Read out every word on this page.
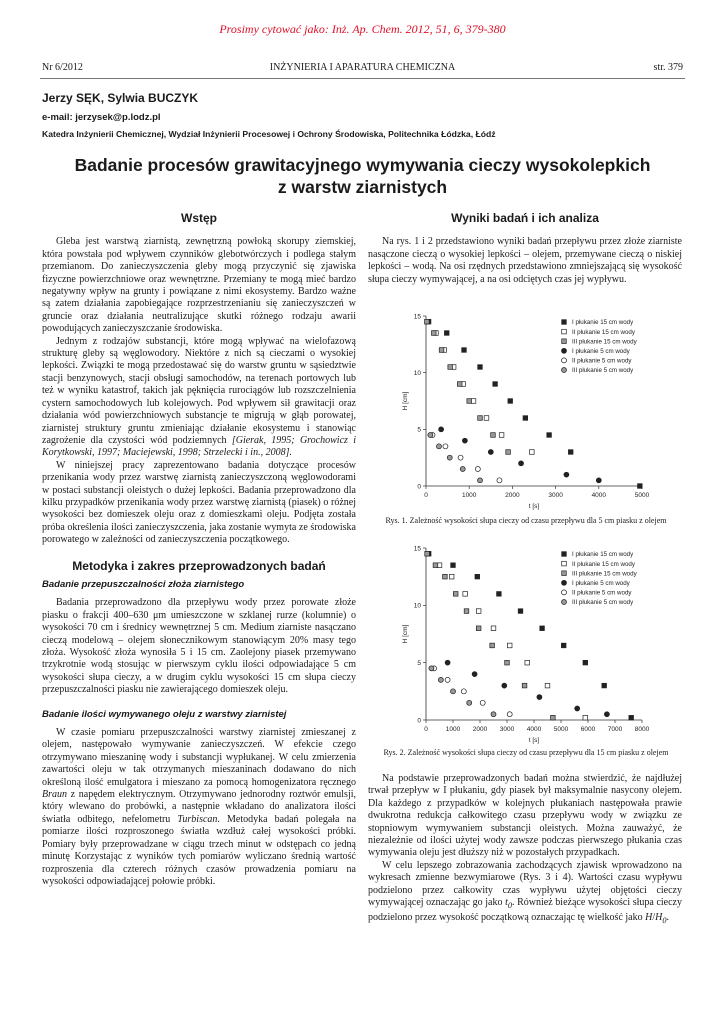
Prosimy cytować jako: Inż. Ap. Chem. 2012, 51, 6, 379-380
Nr 6/2012	INŻYNIERIA I APARATURA CHEMICZNA	str. 379
Jerzy SĘK, Sylwia BUCZYK
e-mail: jerzysek@p.lodz.pl
Katedra Inżynierii Chemicznej, Wydział Inżynierii Procesowej i Ochrony Środowiska, Politechnika Łódzka, Łódź
Badanie procesów grawitacyjnego wymywania cieczy wysokolepkich
z warstw ziarnistych
Wstęp

Gleba jest warstwą ziarnistą, zewnętrzną powłoką skorupy ziemskiej, która powstała pod wpływem czynników glebotwórczych i podlega stałym przemianom. Do zanieczyszczenia gleby mogą przyczynić się zjawiska fizyczne powierzchniowe oraz wewnętrzne. Przemiany te mogą mieć bardzo negatywny wpływ na grunty i powiązane z nimi ekosystemy. Bardzo ważne są zatem działania zapobiegające rozprzestrzenianiu się zanieczyszczeń w gruncie oraz działania neutralizujące skutki różnego rodzaju awarii powodujących zanieczyszczanie środowiska.

Jednym z rodzajów substancji, które mogą wpływać na wielofazową strukturę gleby są węglowodory. Niektóre z nich są cieczami o wysokiej lepkości. Związki te mogą przedostawać się do warstw gruntu w sąsiedztwie stacji benzynowych, stacji obsługi samochodów, na terenach portowych lub też w wyniku katastrof, takich jak pęknięcia rurociągów lub rozszczelnienia cystern samochodowych lub kolejowych. Pod wpływem sił grawitacji oraz działania wód powierzchniowych substancje te migrują w głąb porowatej, ziarnistej struktury gruntu zmieniając działanie ekosystemu i stanowiąc zagrożenie dla czystości wód podziemnych [Gierak, 1995; Grochowicz i Korytkowski, 1997; Maciejewski, 1998; Strzelecki i in., 2008].

W niniejszej pracy zaprezentowano badania dotyczące procesów przenikania wody przez warstwę ziarnistą zanieczyszczoną węglowodorami w postaci substancji oleistych o dużej lepkości. Badania przeprowadzono dla kilku przypadków przenikania wody przez warstwę ziarnistą (piasek) o różnej wysokości bez domieszek oleju oraz z domieszkami oleju. Podjęta została próba określenia ilości zanieczyszczenia, jaka zostanie wymyta ze środowiska porowatego w zależności od zanieczyszczenia początkowego.

Metodyka i zakres przeprowadzonych badań
Badanie przepuszczalności złoża ziarnistego

Badania przeprowadzono dla przepływu wody przez porowate złoże piasku o frakcji 400–630 μm umieszczone w szklanej rurze (kolumnie) o wysokości 70 cm i średnicy wewnętrznej 5 cm. Medium ziarniste nasączano cieczą modelową – olejem słonecznikowym stanowiącym 20% masy tego złoża. Wysokość złoża wynosiła 5 i 15 cm. Zaolejony piasek przemywano trzykrotnie wodą stosując w pierwszym cyklu ilości odpowiadające 5 cm wysokości słupa cieczy, a w drugim cyklu wysokości 15 cm słupa cieczy przepuszczalności piasku nie zawierającego domieszek oleju.

Badanie ilości wymywanego oleju z warstwy ziarnistej

W czasie pomiaru przepuszczalności warstwy ziarnistej zmieszanej z olejem, następowało wymywanie zanieczyszczeń. W efekcie czego otrzymywano mieszaninę wody i substancji wypłukanej. W celu zmierzenia zawartości oleju w tak otrzymanych mieszaninach dodawano do nich określoną ilość emulgatora i mieszano za pomocą homogenizatora ręcznego Braun z napędem elektrycznym. Otrzymywano jednorodny roztwór emulsji, który wlewano do probówki, a następnie wkładano do analizatora ilości światła odbitego, nefelometru Turbiscan. Metodyka badań polegała na pomiarze ilości rozproszonego światła wzdłuż całej wysokości próbki. Pomiary były przeprowadzane w ciągu trzech minut w odstępach co jedną minutę Korzystając z wyników tych pomiarów wyliczano średnią wartość rozproszenia dla czterech różnych czasów prowadzenia pomiaru na wysokości odpowiadającej połowie próbki.

Wyniki badań i ich analiza

Na rys. 1 i 2 przedstawiono wyniki badań przepływu przez złoże ziarniste nasączone cieczą o wysokiej lepkości – olejem, przemywane cieczą o niskiej lepkości – wodą. Na osi rzędnych przedstawiono zmniejszającą się wysokość słupa cieczy wymywającej, a na osi odciętych czas jej wypływu.

0	1000	2000	3000	4000	5000
0
5
10
15
t [s]
H [cm]
I płukanie 15 cm wody
II płukanie 15 cm wody
III płukanie 15 cm wody
I płukanie 5 cm wody
II płukanie 5 cm wody
III płukanie 5 cm wody
Rys. 1. Zależność wysokości słupa cieczy od czasu przepływu dla 5 cm piasku z olejem
0	1000 2000 3000 4000 5000 6000 7000 8000
0
5
10
15
t [s]
H [cm]
I płukanie 15 cm wody
II płukanie 15 cm wody
III płukanie 15 cm wody
I płukanie 5 cm wody
II płukanie 5 cm wody
III płukanie 5 cm wody
Rys. 2. Zależność wysokości słupa cieczy od czasu przepływu dla 15 cm piasku z olejem

Na podstawie przeprowadzonych badań można stwierdzić, że najdłużej trwał przepływ w I płukaniu, gdy piasek był maksymalnie nasycony olejem. Dla każdego z przypadków w kolejnych płukaniach następowała prawie dwukrotna redukcja całkowitego czasu przepływu wody w związku ze stopniowym wymywaniem substancji oleistych. Można zauważyć, że niezależnie od ilości użytej wody zawsze podczas pierwszego płukania czas wymywania oleju jest dłuższy niż w pozostałych przypadkach.

W celu lepszego zobrazowania zachodzących zjawisk wprowadzono na wykresach zmienne bezwymiarowe (Rys. 3 i 4). Wartości czasu wypływu podzielono przez całkowity czas wypływu użytej objętości cieczy wymywającej oznaczając go jako $t_0$. Również bieżące wysokości słupa cieczy podzielono przez wysokość początkową oznaczając tę wielkość jako $H/H_0$.
